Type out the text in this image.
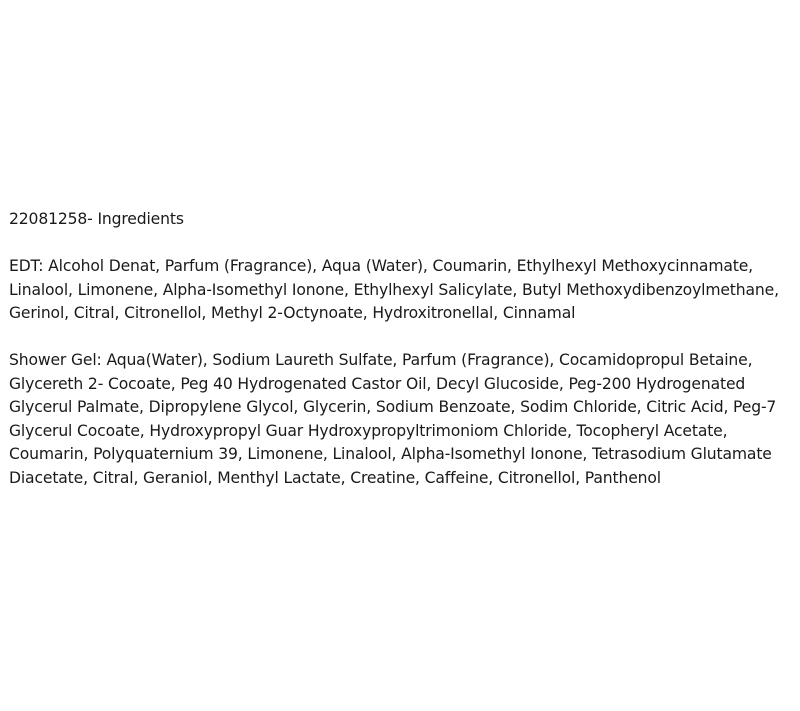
22081258- Ingredients

EDT: Alcohol Denat, Parfum (Fragrance), Aqua (Water), Coumarin, Ethylhexyl Methoxycinnamate, Linalool, Limonene, Alpha-Isomethyl Ionone, Ethylhexyl Salicylate, Butyl Methoxydibenzoylmethane, Gerinol, Citral, Citronellol, Methyl 2-Octynoate, Hydroxitronellal, Cinnamal

Shower Gel: Aqua(Water), Sodium Laureth Sulfate, Parfum (Fragrance), Cocamidopropul Betaine, Glycereth 2- Cocoate, Peg 40 Hydrogenated Castor Oil, Decyl Glucoside, Peg-200 Hydrogenated Glycerul Palmate, Dipropylene Glycol, Glycerin, Sodium Benzoate, Sodim Chloride, Citric Acid, Peg-7 Glycerul Cocoate, Hydroxypropyl Guar Hydroxypropyltrimoniom Chloride, Tocopheryl Acetate, Coumarin, Polyquaternium 39, Limonene, Linalool, Alpha-Isomethyl Ionone, Tetrasodium Glutamate Diacetate, Citral, Geraniol, Menthyl Lactate, Creatine, Caffeine, Citronellol, Panthenol
